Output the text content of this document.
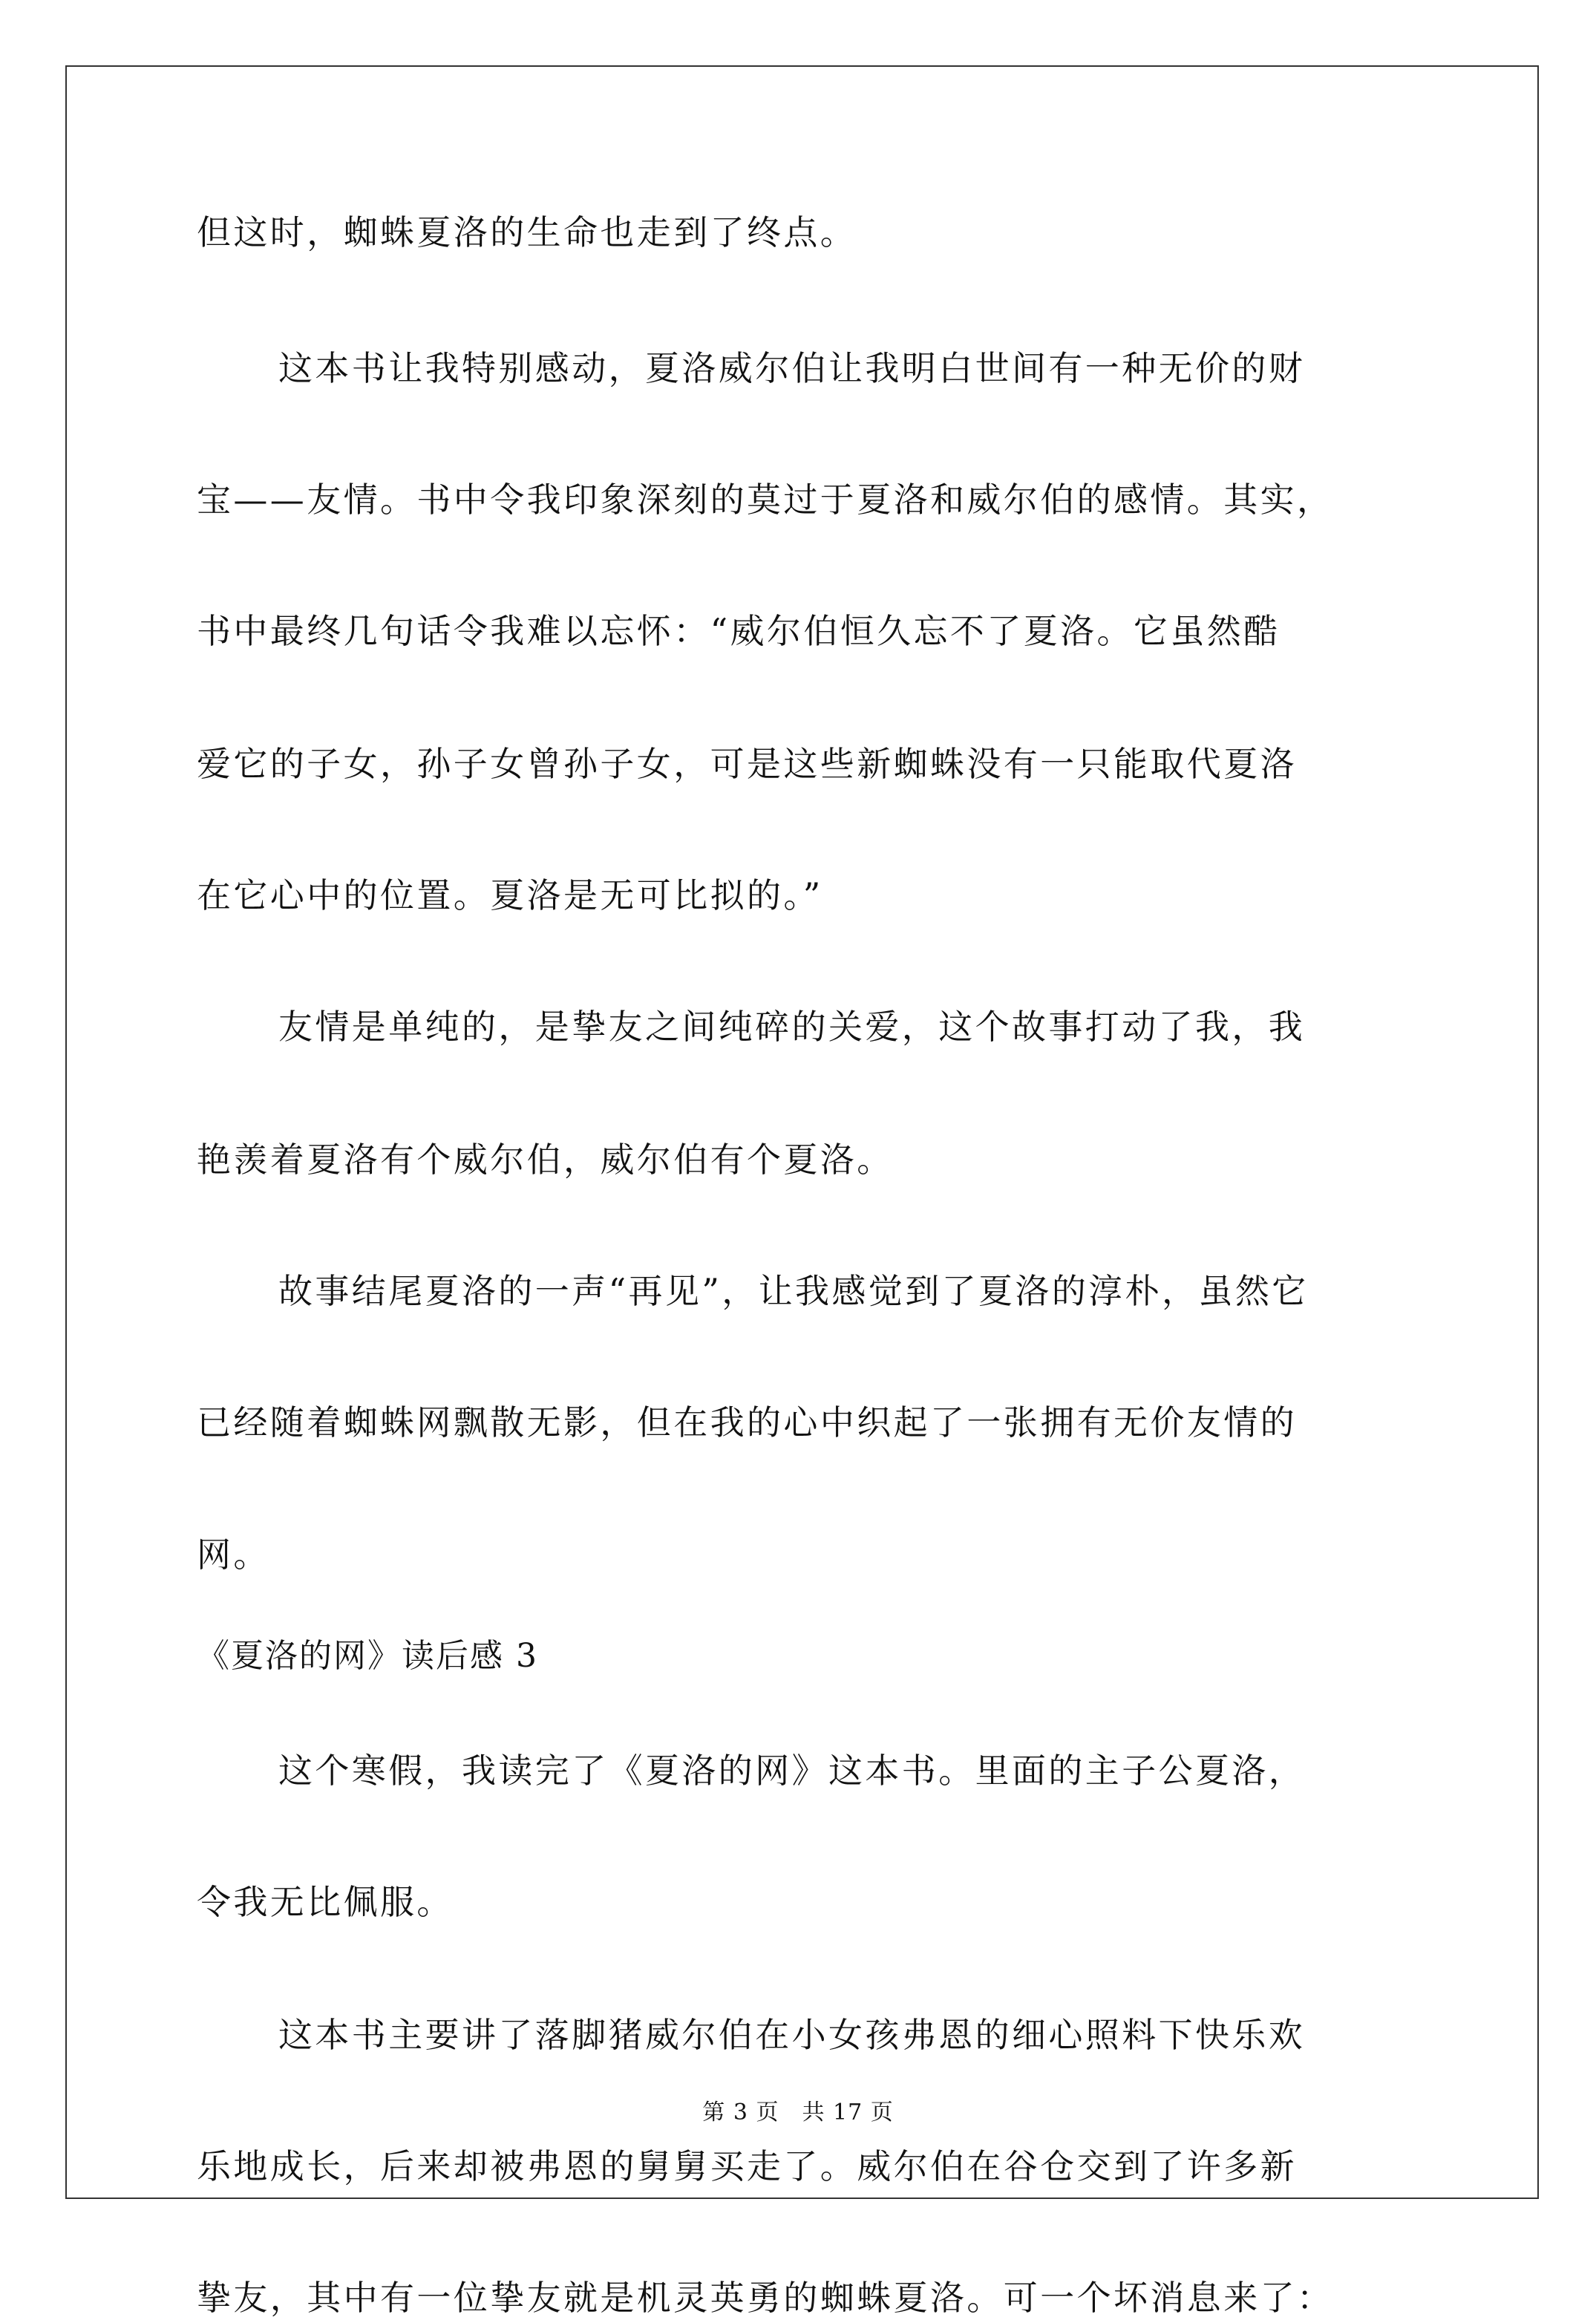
但这时，蜘蛛夏洛的生命也走到了终点。
这本书让我特别感动，夏洛威尔伯让我明白世间有一种无价的财
宝——友情。书中令我印象深刻的莫过于夏洛和威尔伯的感情。其实，
书中最终几句话令我难以忘怀：“威尔伯恒久忘不了夏洛。它虽然酷
爱它的子女，孙子女曾孙子女，可是这些新蜘蛛没有一只能取代夏洛
在它心中的位置。夏洛是无可比拟的。”
友情是单纯的，是挚友之间纯碎的关爱，这个故事打动了我，我
艳羡着夏洛有个威尔伯，威尔伯有个夏洛。
故事结尾夏洛的一声“再见”，让我感觉到了夏洛的淳朴，虽然它
已经随着蜘蛛网飘散无影，但在我的心中织起了一张拥有无价友情的
网。
《夏洛的网》读后感 3
这个寒假，我读完了《夏洛的网》这本书。里面的主子公夏洛，
令我无比佩服。
这本书主要讲了落脚猪威尔伯在小女孩弗恩的细心照料下快乐欢
乐地成长，后来却被弗恩的舅舅买走了。威尔伯在谷仓交到了许多新
挚友，其中有一位挚友就是机灵英勇的蜘蛛夏洛。可一个坏消息来了：
第 3 页　共 17 页
